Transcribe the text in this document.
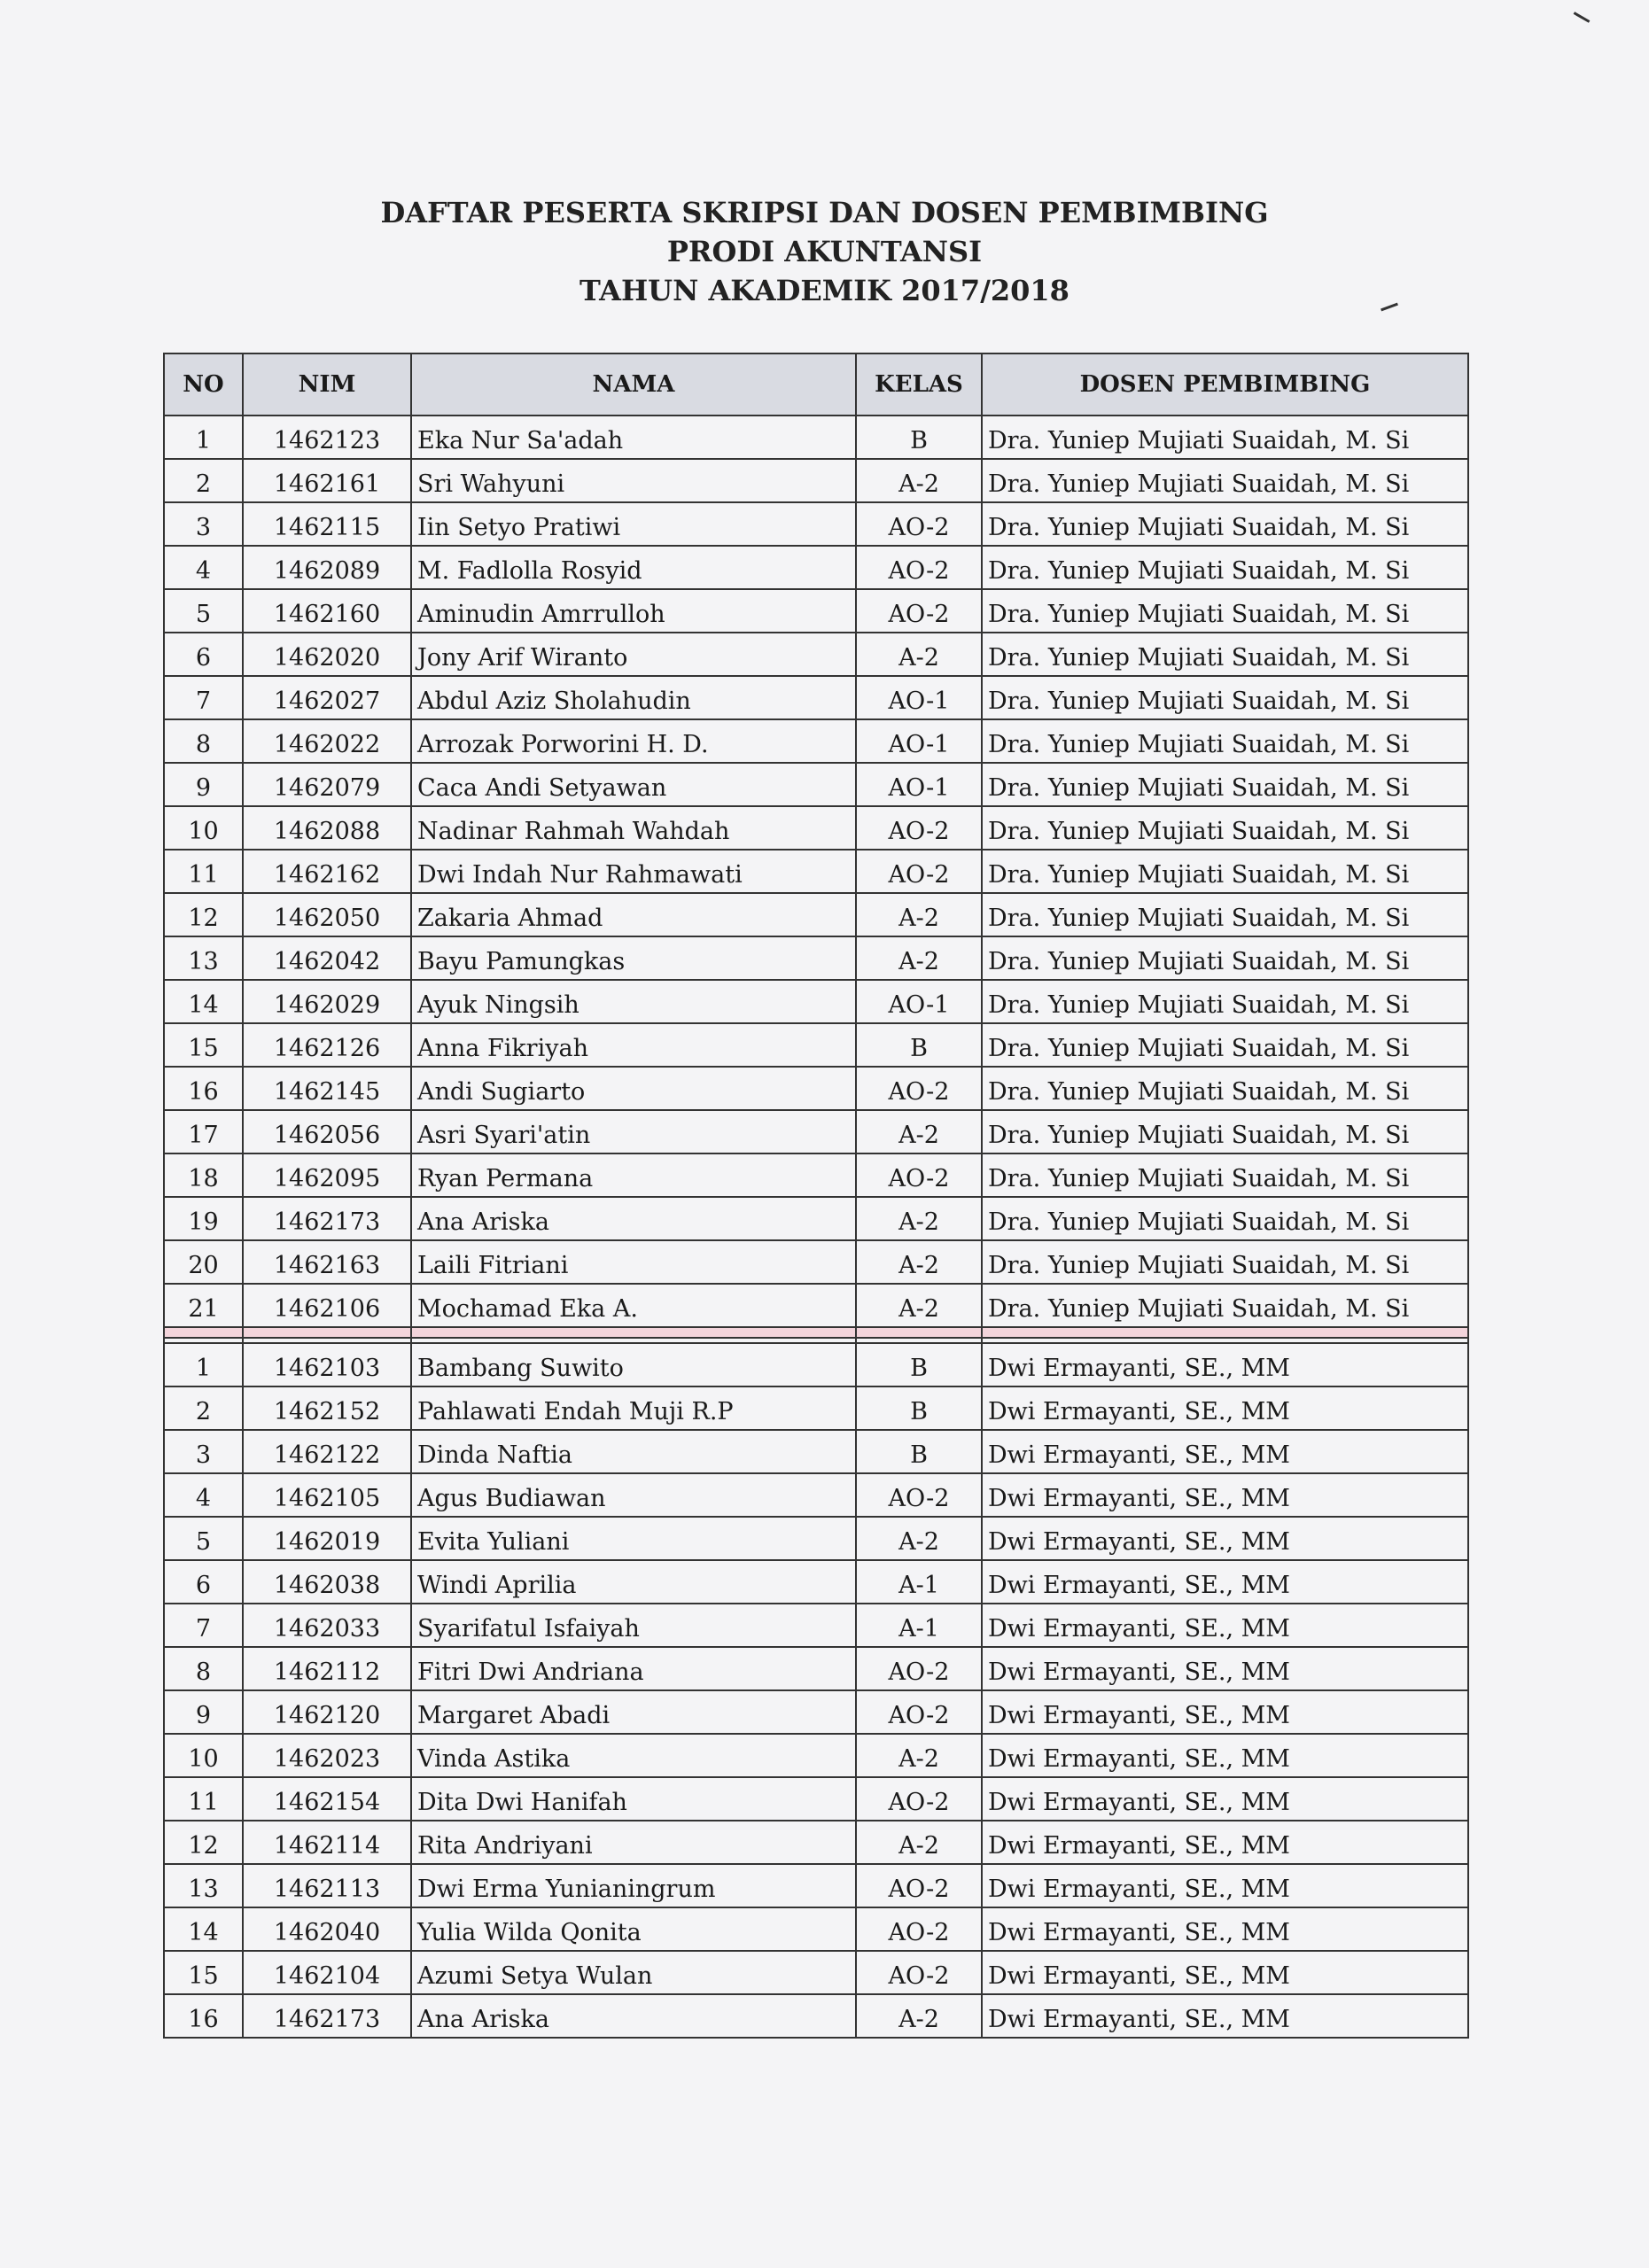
DAFTAR PESERTA SKRIPSI DAN DOSEN PEMBIMBING
PRODI AKUNTANSI
TAHUN AKADEMIK 2017/2018
NO	NIM	NAMA	KELAS	DOSEN PEMBIMBING
1	1462123	Eka Nur Sa'adah	B	Dra. Yuniep Mujiati Suaidah, M. Si
2	1462161	Sri Wahyuni	A-2	Dra. Yuniep Mujiati Suaidah, M. Si
3	1462115	Iin Setyo Pratiwi	AO-2	Dra. Yuniep Mujiati Suaidah, M. Si
4	1462089	M. Fadlolla Rosyid	AO-2	Dra. Yuniep Mujiati Suaidah, M. Si
5	1462160	Aminudin Amrrulloh	AO-2	Dra. Yuniep Mujiati Suaidah, M. Si
6	1462020	Jony Arif Wiranto	A-2	Dra. Yuniep Mujiati Suaidah, M. Si
7	1462027	Abdul Aziz Sholahudin	AO-1	Dra. Yuniep Mujiati Suaidah, M. Si
8	1462022	Arrozak Porworini H. D.	AO-1	Dra. Yuniep Mujiati Suaidah, M. Si
9	1462079	Caca Andi Setyawan	AO-1	Dra. Yuniep Mujiati Suaidah, M. Si
10	1462088	Nadinar Rahmah Wahdah	AO-2	Dra. Yuniep Mujiati Suaidah, M. Si
11	1462162	Dwi Indah Nur Rahmawati	AO-2	Dra. Yuniep Mujiati Suaidah, M. Si
12	1462050	Zakaria Ahmad	A-2	Dra. Yuniep Mujiati Suaidah, M. Si
13	1462042	Bayu Pamungkas	A-2	Dra. Yuniep Mujiati Suaidah, M. Si
14	1462029	Ayuk Ningsih	AO-1	Dra. Yuniep Mujiati Suaidah, M. Si
15	1462126	Anna Fikriyah	B	Dra. Yuniep Mujiati Suaidah, M. Si
16	1462145	Andi Sugiarto	AO-2	Dra. Yuniep Mujiati Suaidah, M. Si
17	1462056	Asri Syari'atin	A-2	Dra. Yuniep Mujiati Suaidah, M. Si
18	1462095	Ryan Permana	AO-2	Dra. Yuniep Mujiati Suaidah, M. Si
19	1462173	Ana Ariska	A-2	Dra. Yuniep Mujiati Suaidah, M. Si
20	1462163	Laili Fitriani	A-2	Dra. Yuniep Mujiati Suaidah, M. Si
21	1462106	Mochamad Eka A.	A-2	Dra. Yuniep Mujiati Suaidah, M. Si

1	1462103	Bambang Suwito	B	Dwi Ermayanti, SE., MM
2	1462152	Pahlawati Endah Muji R.P	B	Dwi Ermayanti, SE., MM
3	1462122	Dinda Naftia	B	Dwi Ermayanti, SE., MM
4	1462105	Agus Budiawan	AO-2	Dwi Ermayanti, SE., MM
5	1462019	Evita Yuliani	A-2	Dwi Ermayanti, SE., MM
6	1462038	Windi Aprilia	A-1	Dwi Ermayanti, SE., MM
7	1462033	Syarifatul Isfaiyah	A-1	Dwi Ermayanti, SE., MM
8	1462112	Fitri Dwi Andriana	AO-2	Dwi Ermayanti, SE., MM
9	1462120	Margaret Abadi	AO-2	Dwi Ermayanti, SE., MM
10	1462023	Vinda Astika	A-2	Dwi Ermayanti, SE., MM
11	1462154	Dita Dwi Hanifah	AO-2	Dwi Ermayanti, SE., MM
12	1462114	Rita Andriyani	A-2	Dwi Ermayanti, SE., MM
13	1462113	Dwi Erma Yunianingrum	AO-2	Dwi Ermayanti, SE., MM
14	1462040	Yulia Wilda Qonita	AO-2	Dwi Ermayanti, SE., MM
15	1462104	Azumi Setya Wulan	AO-2	Dwi Ermayanti, SE., MM
16	1462173	Ana Ariska	A-2	Dwi Ermayanti, SE., MM
